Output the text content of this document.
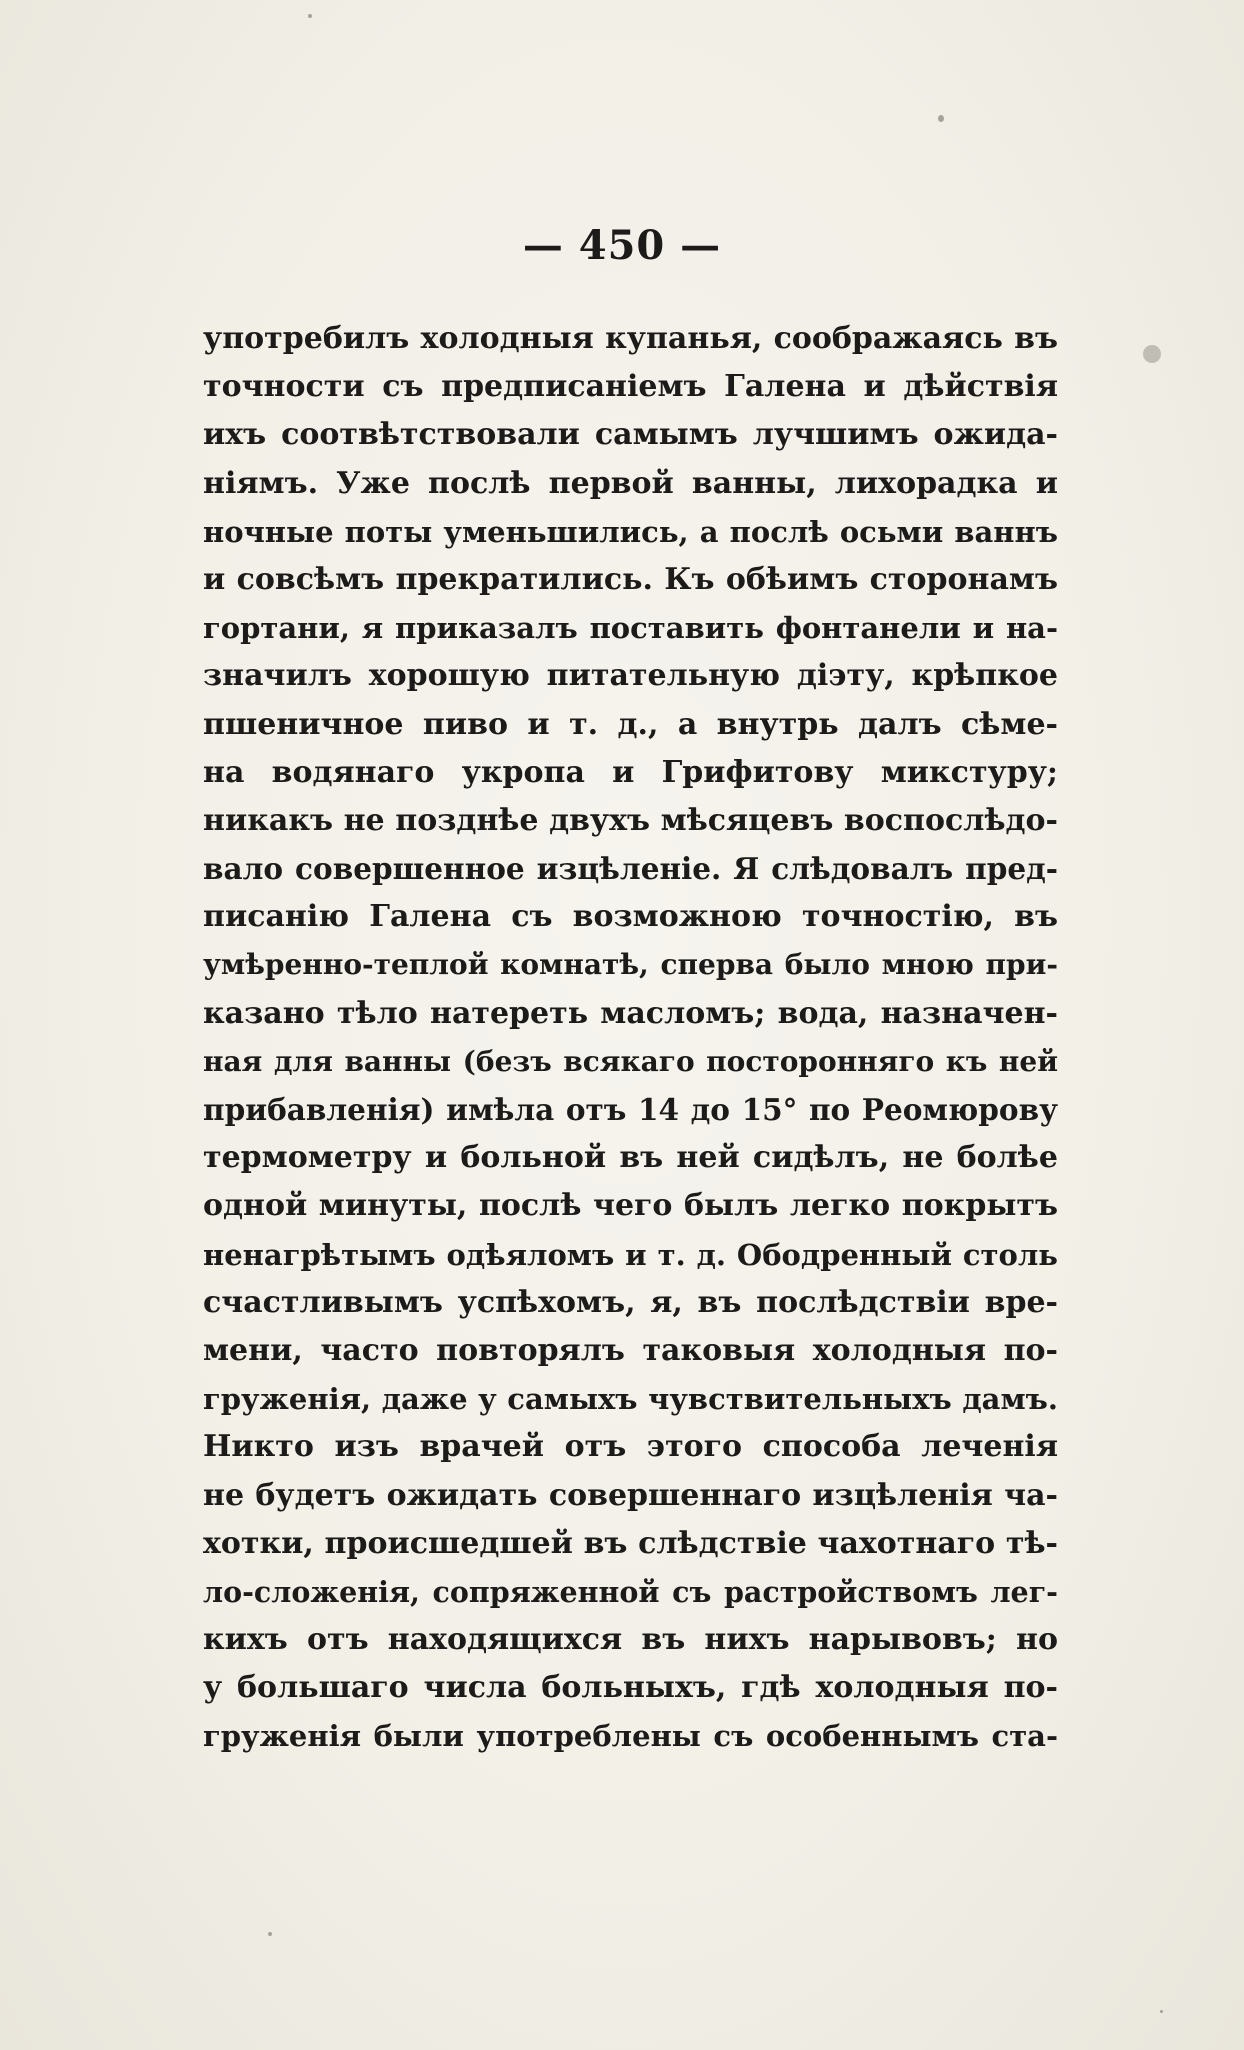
— 450 —
употребилъ холодныя купанья, соображаясь въ
точности съ предписаніемъ Галена и дѣйствія
ихъ соотвѣтствовали самымъ лучшимъ ожида-
ніямъ. Уже послѣ первой ванны, лихорадка и
ночные поты уменьшились, а послѣ осьми ваннъ
и совсѣмъ прекратились. Къ обѣимъ сторонамъ
гортани, я приказалъ поставить фонтанели и на-
значилъ хорошую питательную діэту, крѣпкое
пшеничное пиво и т. д., а внутрь далъ сѣме-
на водянаго укропа и Грифитову микстуру;
никакъ не позднѣе двухъ мѣсяцевъ воспослѣдо-
вало совершенное изцѣленіе. Я слѣдовалъ пред-
писанію Галена съ возможною точностію, въ
умѣренно-теплой комнатѣ, сперва было мною при-
казано тѣло натереть масломъ; вода, назначен-
ная для ванны (безъ всякаго посторонняго къ ней
прибавленія) имѣла отъ 14 до 15° по Реомюрову
термометру и больной въ ней сидѣлъ, не болѣе
одной минуты, послѣ чего былъ легко покрытъ
ненагрѣтымъ одѣяломъ и т. д. Ободренный столь
счастливымъ успѣхомъ, я, въ послѣдствіи вре-
мени, часто повторялъ таковыя холодныя по-
груженія, даже у самыхъ чувствительныхъ дамъ.
Никто изъ врачей отъ этого способа леченія
не будетъ ожидать совершеннаго изцѣленія ча-
хотки, происшедшей въ слѣдствіе чахотнаго тѣ-
ло-сложенія, сопряженной съ растройствомъ лег-
кихъ отъ находящихся въ нихъ нарывовъ; но
у большаго числа больныхъ, гдѣ холодныя по-
груженія были употреблены съ особеннымъ ста-
